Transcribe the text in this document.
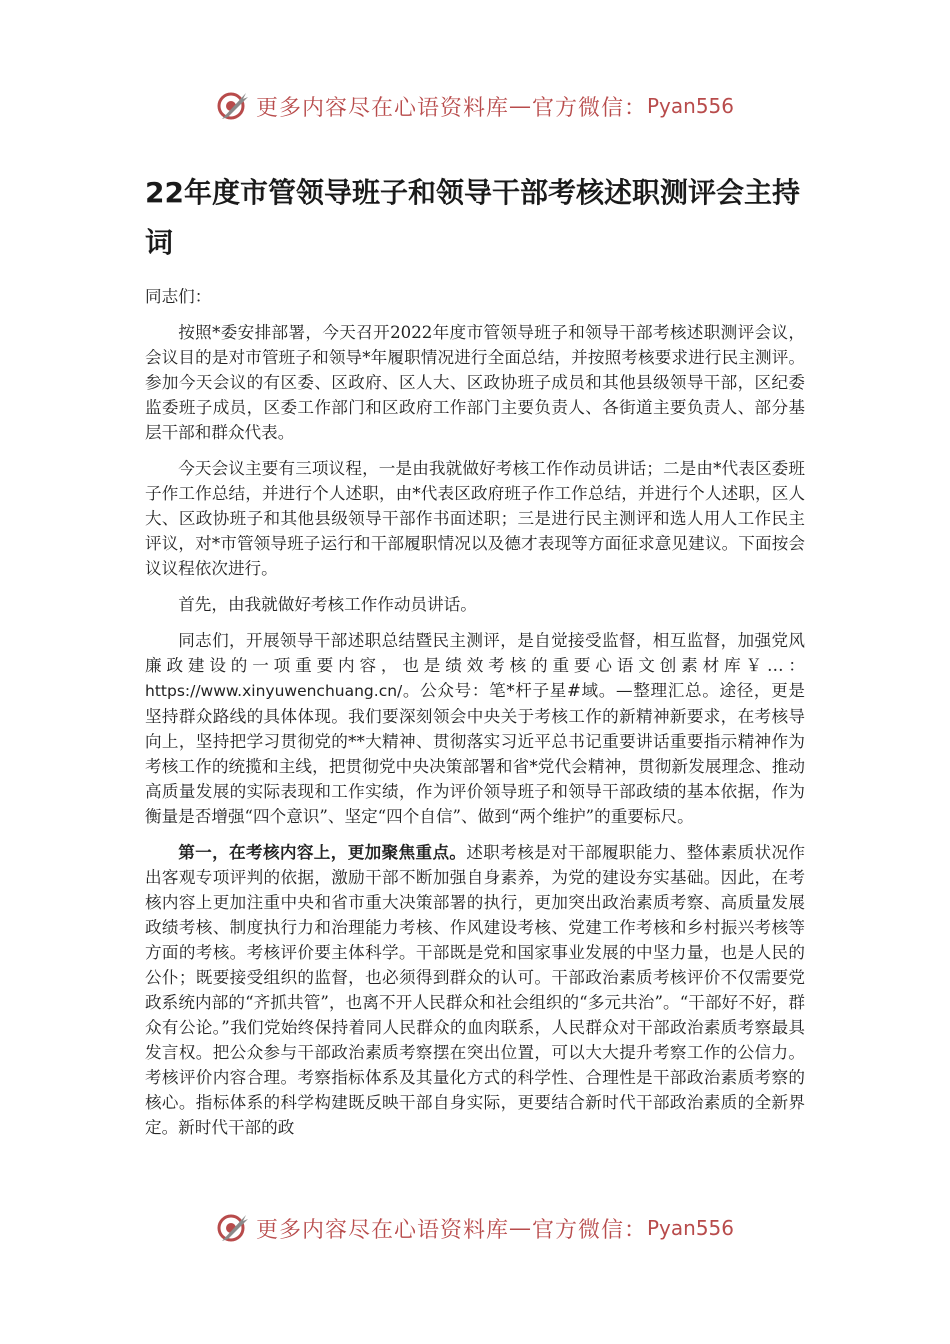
更多内容尽在心语资料库 — 官方微信： Pyan556
22年度市管领导班子和领导干部考核述职测评会主持词

同志们：

按照*委安排部署，今天召开2022年度市管领导班子和领导干部考核述职测评会议，会议目的是对市管班子和领导*年履职情况进行全面总结，并按照考核要求进行民主测评。参加今天会议的有区委、区政府、区人大、区政协班子成员和其他县级领导干部，区纪委监委班子成员，区委工作部门和区政府工作部门主要负责人、各街道主要负责人、部分基层干部和群众代表。

今天会议主要有三项议程，一是由我就做好考核工作作动员讲话；二是由*代表区委班子作工作总结，并进行个人述职，由*代表区政府班子作工作总结，并进行个人述职，区人大、区政协班子和其他县级领导干部作书面述职；三是进行民主测评和选人用人工作民主评议，对*市管领导班子运行和干部履职情况以及德才表现等方面征求意见建议。下面按会议议程依次进行。

首先，由我就做好考核工作作动员讲话。

同志们，开展领导干部述职总结暨民主测评，是自觉接受监督，相互监督，加强党风廉政建设的一项重要内容，也是绩效考核的重要心语文创素材库￥…：https://www.xinyuwenchuang.cn/。公众号：笔*杆子星#域。—整理汇总。途径，更是坚持群众路线的具体体现。我们要深刻领会中央关于考核工作的新精神新要求，在考核导向上，坚持把学习贯彻党的**大精神、贯彻落实习近平总书记重要讲话重要指示精神作为考核工作的统揽和主线，把贯彻党中央决策部署和省*党代会精神，贯彻新发展理念、推动高质量发展的实际表现和工作实绩，作为评价领导班子和领导干部政绩的基本依据，作为衡量是否增强“四个意识”、坚定“四个自信”、做到“两个维护”的重要标尺。

第一，在考核内容上，更加聚焦重点。述职考核是对干部履职能力、整体素质状况作出客观专项评判的依据，激励干部不断加强自身素养，为党的建设夯实基础。因此，在考核内容上更加注重中央和省市重大决策部署的执行，更加突出政治素质考察、高质量发展政绩考核、制度执行力和治理能力考核、作风建设考核、党建工作考核和乡村振兴考核等方面的考核。考核评价要主体科学。干部既是党和国家事业发展的中坚力量，也是人民的公仆；既要接受组织的监督，也必须得到群众的认可。干部政治素质考核评价不仅需要党政系统内部的“齐抓共管”，也离不开人民群众和社会组织的“多元共治”。“干部好不好，群众有公论。”我们党始终保持着同人民群众的血肉联系，人民群众对干部政治素质考察最具发言权。把公众参与干部政治素质考察摆在突出位置，可以大大提升考察工作的公信力。考核评价内容合理。考察指标体系及其量化方式的科学性、合理性是干部政治素质考察的核心。指标体系的科学构建既反映干部自身实际，更要结合新时代干部政治素质的全新界定。新时代干部的政

更多内容尽在心语资料库 — 官方微信： Pyan556
